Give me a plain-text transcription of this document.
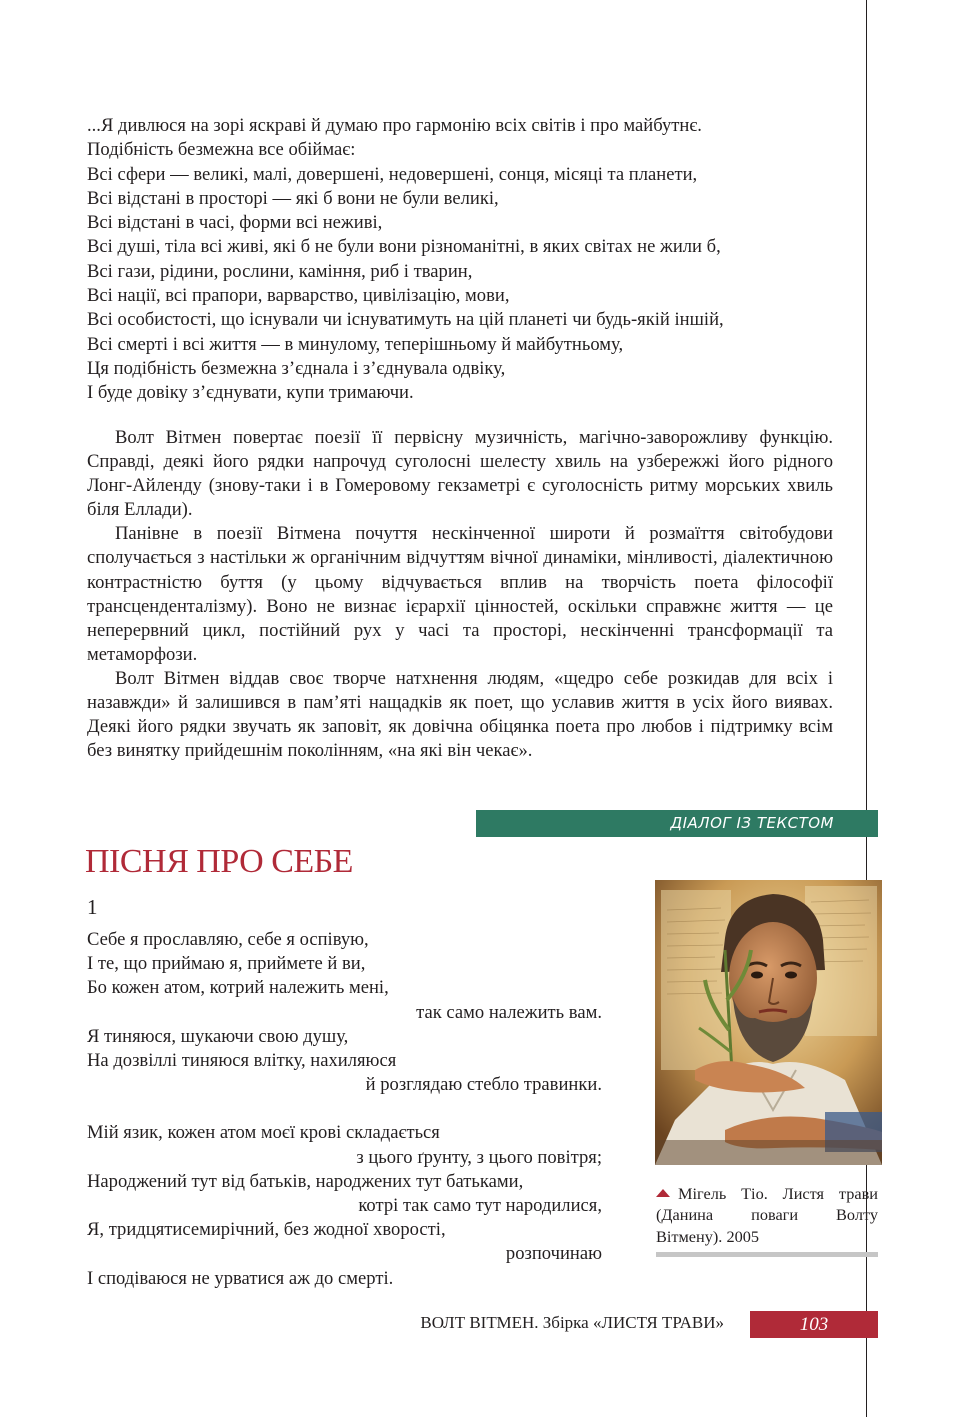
...Я дивлюся на зорі яскраві й думаю про гармонію всіх світів і про майбутнє.
Подібність безмежна все обіймає:
Всі сфери — великі, малі, довершені, недовершені, сонця, місяці та планети,
Всі відстані в просторі — які б вони не були великі,
Всі відстані в часі, форми всі неживі,
Всі душі, тіла всі живі, які б не були вони різноманітні, в яких світах не жили б,
Всі гази, рідини, рослини, каміння, риб і тварин,
Всі нації, всі прапори, варварство, цивілізацію, мови,
Всі особистості, що існували чи існуватимуть на цій планеті чи будь-якій іншій,
Всі смерті і всі життя — в минулому, теперішньому й майбутньому,
Ця подібність безмежна з’єднала і з’єднувала одвіку,
І буде довіку з’єднувати, купи тримаючи.

Волт Вітмен повертає поезії її первісну музичність, магічно-заворожливу функцію. Справді, деякі його рядки напрочуд суголосні шелесту хвиль на узбережжі його рідного Лонг-Айленду (знову-таки і в Гомеровому гекзаметрі є суголосність ритму морських хвиль біля Еллади).

Панівне в поезії Вітмена почуття нескінченної широти й розмаїття світобудови сполучається з настільки ж органічним відчуттям вічної динаміки, мінливості, діалектичною контрастністю буття (у цьому відчувається вплив на творчість поета філософії трансценденталізму). Воно не визнає ієрархії цінностей, оскільки справжнє життя — це неперервний цикл, постійний рух у часі та просторі, нескінченні трансформації та метаморфози.

Волт Вітмен віддав своє творче натхнення людям, «щедро себе розкидав для всіх і назавжди» й залишився в пам’яті нащадків як поет, що уславив життя в усіх його виявах. Деякі його рядки звучать як заповіт, як довічна обіцянка поета про любов і підтримку всім без винятку прийдешнім поколінням, «на які він чекає».

ДІАЛОГ ІЗ ТЕКСТОМ
ПІСНЯ ПРО СЕБЕ
1
Себе я прославляю, себе я оспівую,
І те, що приймаю я, приймете й ви,
Бо кожен атом, котрий належить мені,
так само належить вам.
Я тиняюся, шукаючи свою душу,
На дозвіллі тиняюся влітку, нахиляюся
й розглядаю стебло травинки.
Мій язик, кожен атом моєї крові складається
з цього ґрунту, з цього повітря;
Народжений тут від батьків, народжених тут батьками,
котрі так само тут народилися,
Я, тридцятисемирічний, без жодної хворості,
розпочинаю
І сподіваюся не урватися аж до смерті.
Мігель Тіо. Листя трави (Данина поваги Волту Вітмену). 2005
ВОЛТ ВІТМЕН. Збірка «ЛИСТЯ ТРАВИ»	103
